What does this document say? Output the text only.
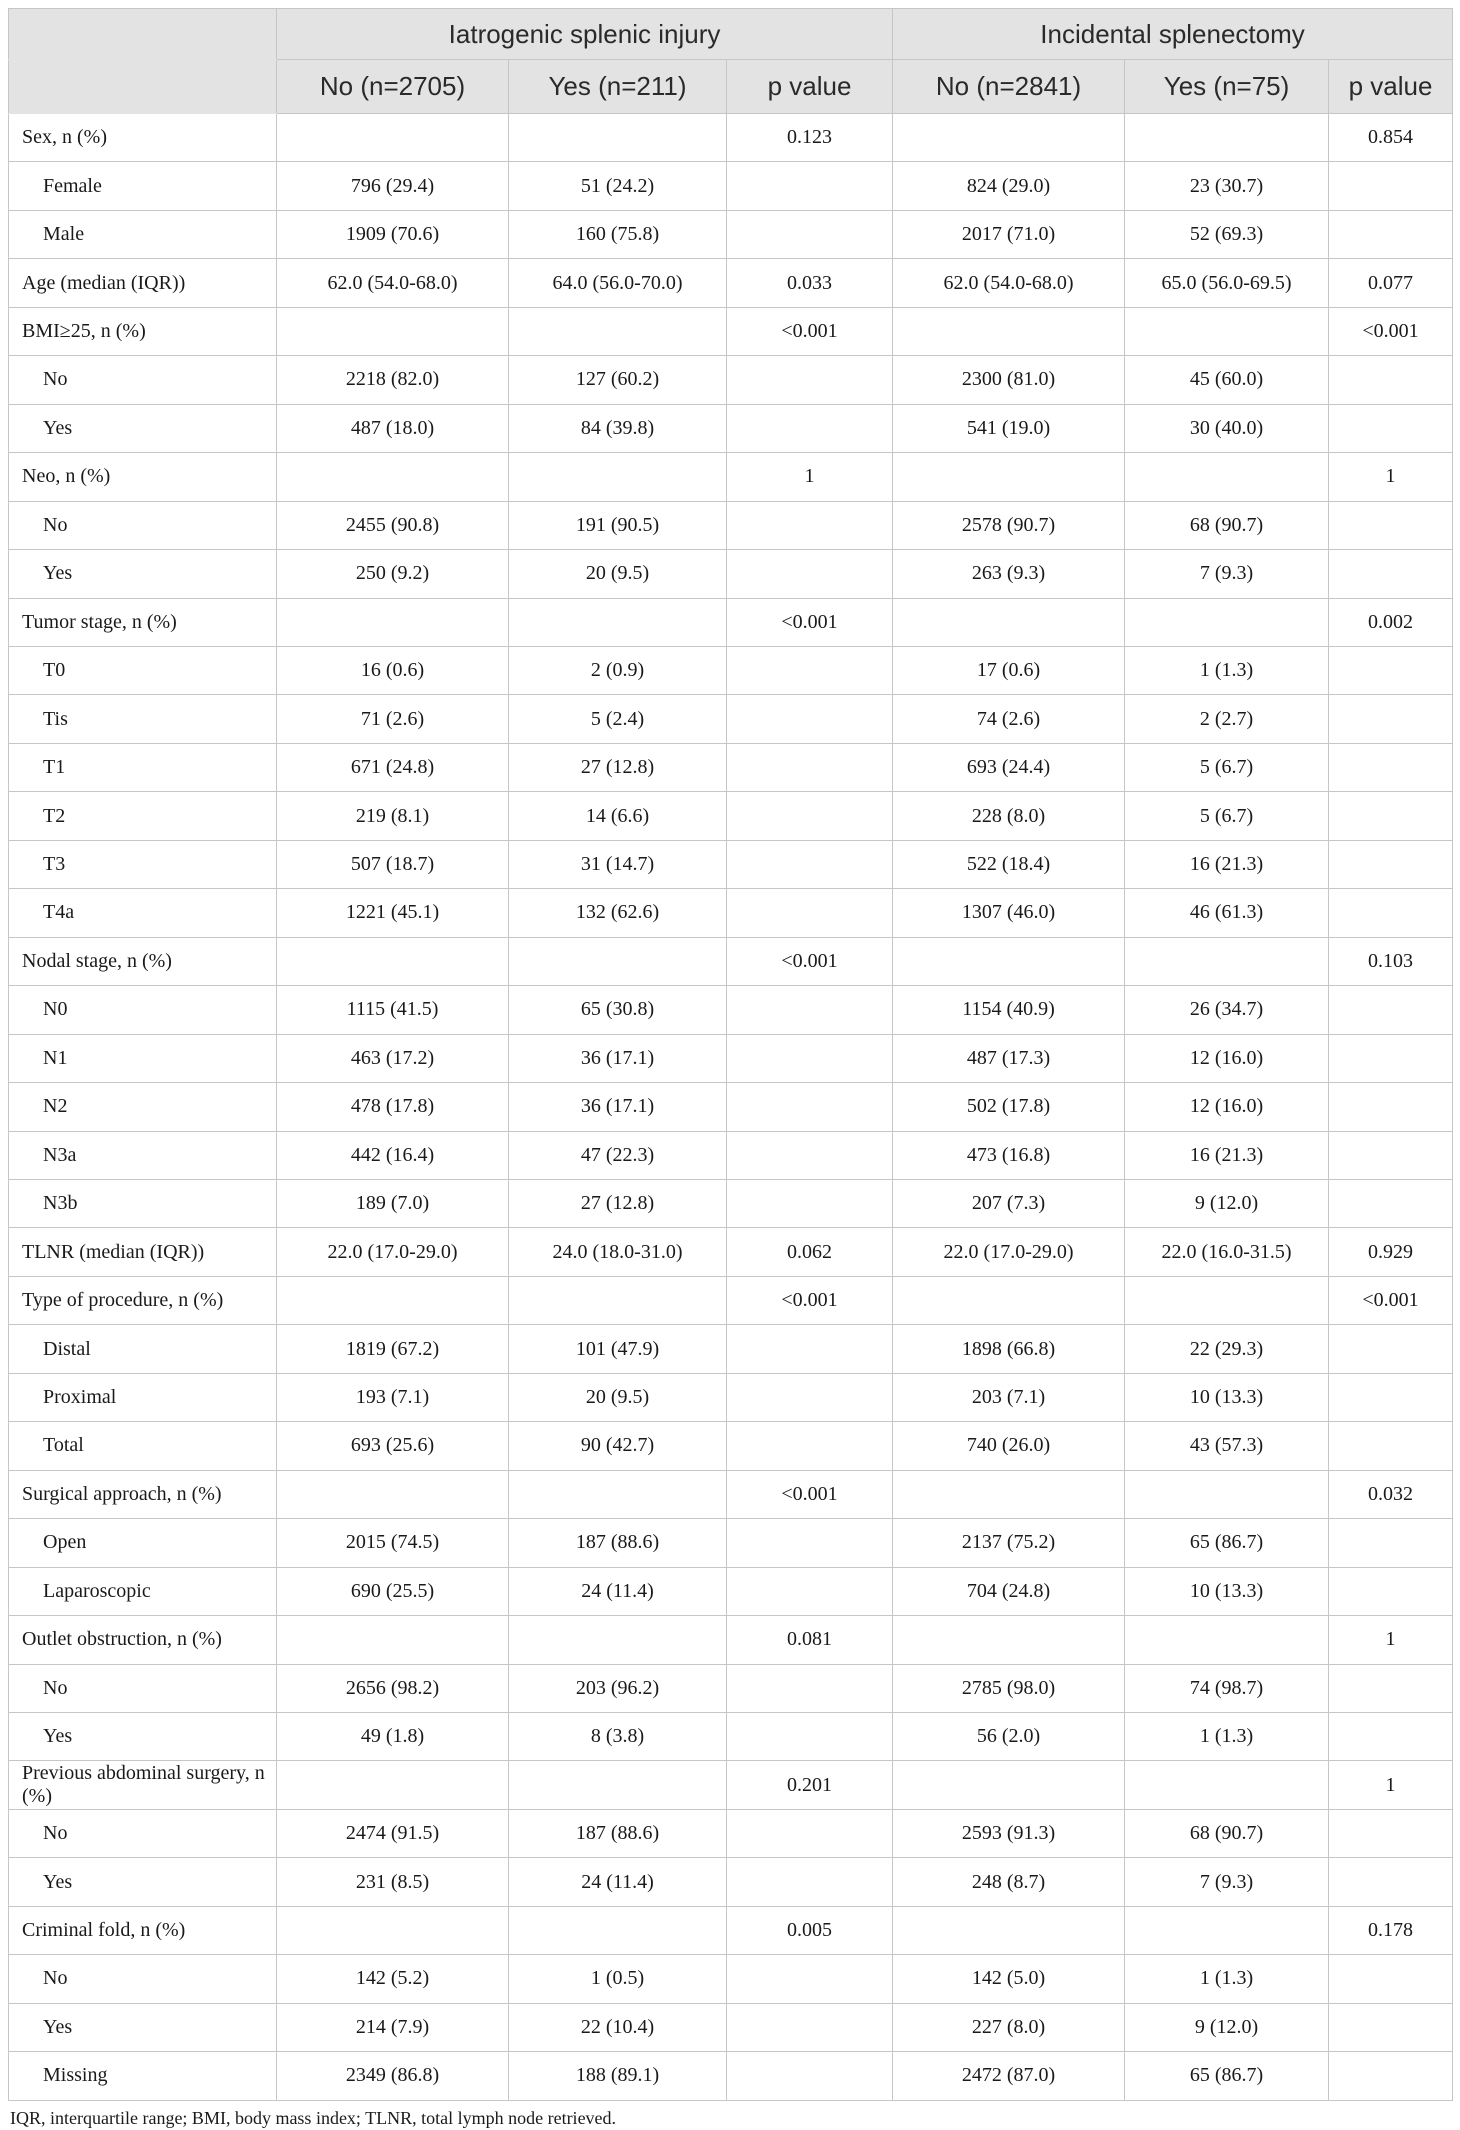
	Iatrogenic splenic injury			Incidental splenectomy		
	No (n=2705)	Yes (n=211)	p value	No (n=2841)	Yes (n=75)	p value
Sex, n (%)			0.123			0.854
Female	796 (29.4)	51 (24.2)		824 (29.0)	23 (30.7)	
Male	1909 (70.6)	160 (75.8)		2017 (71.0)	52 (69.3)	
Age (median (IQR))	62.0 (54.0-68.0)	64.0 (56.0-70.0)	0.033	62.0 (54.0-68.0)	65.0 (56.0-69.5)	0.077
BMI≥25, n (%)			<0.001			<0.001
No	2218 (82.0)	127 (60.2)		2300 (81.0)	45 (60.0)	
Yes	487 (18.0)	84 (39.8)		541 (19.0)	30 (40.0)	
Neo, n (%)			1			1
No	2455 (90.8)	191 (90.5)		2578 (90.7)	68 (90.7)	
Yes	250 (9.2)	20 (9.5)		263 (9.3)	7 (9.3)	
Tumor stage, n (%)			<0.001			0.002
T0	16 (0.6)	2 (0.9)		17 (0.6)	1 (1.3)	
Tis	71 (2.6)	5 (2.4)		74 (2.6)	2 (2.7)	
T1	671 (24.8)	27 (12.8)		693 (24.4)	5 (6.7)	
T2	219 (8.1)	14 (6.6)		228 (8.0)	5 (6.7)	
T3	507 (18.7)	31 (14.7)		522 (18.4)	16 (21.3)	
T4a	1221 (45.1)	132 (62.6)		1307 (46.0)	46 (61.3)	
Nodal stage, n (%)			<0.001			0.103
N0	1115 (41.5)	65 (30.8)		1154 (40.9)	26 (34.7)	
N1	463 (17.2)	36 (17.1)		487 (17.3)	12 (16.0)	
N2	478 (17.8)	36 (17.1)		502 (17.8)	12 (16.0)	
N3a	442 (16.4)	47 (22.3)		473 (16.8)	16 (21.3)	
N3b	189 (7.0)	27 (12.8)		207 (7.3)	9 (12.0)	
TLNR (median (IQR))	22.0 (17.0-29.0)	24.0 (18.0-31.0)	0.062	22.0 (17.0-29.0)	22.0 (16.0-31.5)	0.929
Type of procedure, n (%)			<0.001			<0.001
Distal	1819 (67.2)	101 (47.9)		1898 (66.8)	22 (29.3)	
Proximal	193 (7.1)	20 (9.5)		203 (7.1)	10 (13.3)	
Total	693 (25.6)	90 (42.7)		740 (26.0)	43 (57.3)	
Surgical approach, n (%)			<0.001			0.032
Open	2015 (74.5)	187 (88.6)		2137 (75.2)	65 (86.7)	
Laparoscopic	690 (25.5)	24 (11.4)		704 (24.8)	10 (13.3)	
Outlet obstruction, n (%)			0.081			1
No	2656 (98.2)	203 (96.2)		2785 (98.0)	74 (98.7)	
Yes	49 (1.8)	8 (3.8)		56 (2.0)	1 (1.3)	
Previous abdominal surgery, n (%)			0.201			1
No	2474 (91.5)	187 (88.6)		2593 (91.3)	68 (90.7)	
Yes	231 (8.5)	24 (11.4)		248 (8.7)	7 (9.3)	
Criminal fold, n (%)			0.005			0.178
No	142 (5.2)	1 (0.5)		142 (5.0)	1 (1.3)	
Yes	214 (7.9)	22 (10.4)		227 (8.0)	9 (12.0)	
Missing	2349 (86.8)	188 (89.1)		2472 (87.0)	65 (86.7)	
IQR, interquartile range; BMI, body mass index; TLNR, total lymph node retrieved.
